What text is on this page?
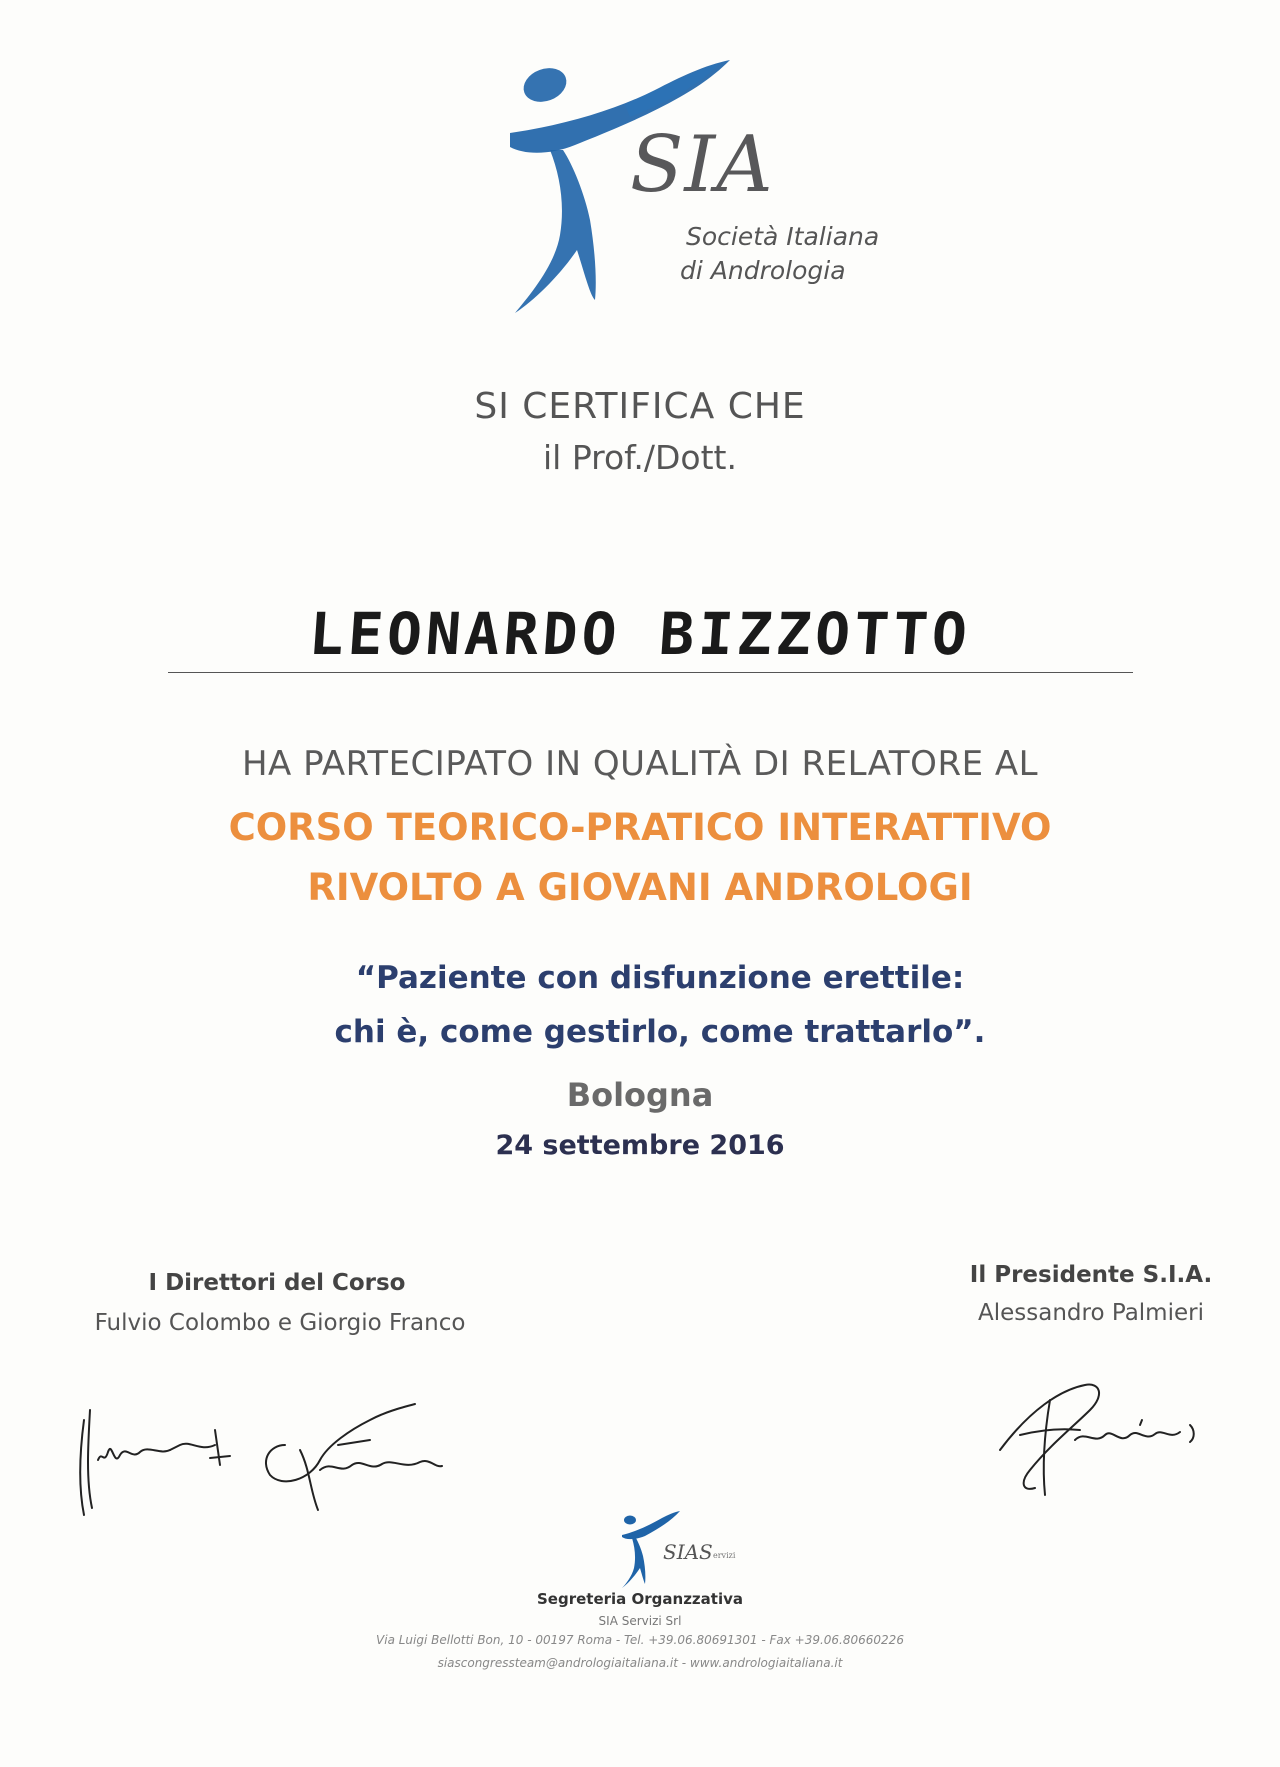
SIA
Società Italiana
di Andrologia
SI CERTIFICA CHE
il Prof./Dott.
LEONARDO BIZZOTTO
HA PARTECIPATO IN QUALITÀ DI RELATORE AL
CORSO TEORICO-PRATICO INTERATTIVO
RIVOLTO A GIOVANI ANDROLOGI
“Paziente con disfunzione erettile:
chi è, come gestirlo, come trattarlo”.
Bologna
24 settembre 2016
I Direttori del Corso
Fulvio Colombo e Giorgio Franco
Il Presidente S.I.A.
Alessandro Palmieri
SIAS ervizi
Segreteria Organzzativa
SIA Servizi Srl
Via Luigi Bellotti Bon, 10 - 00197 Roma - Tel. +39.06.80691301 - Fax +39.06.80660226
siascongressteam@andrologiaitaliana.it - www.andrologiaitaliana.it
